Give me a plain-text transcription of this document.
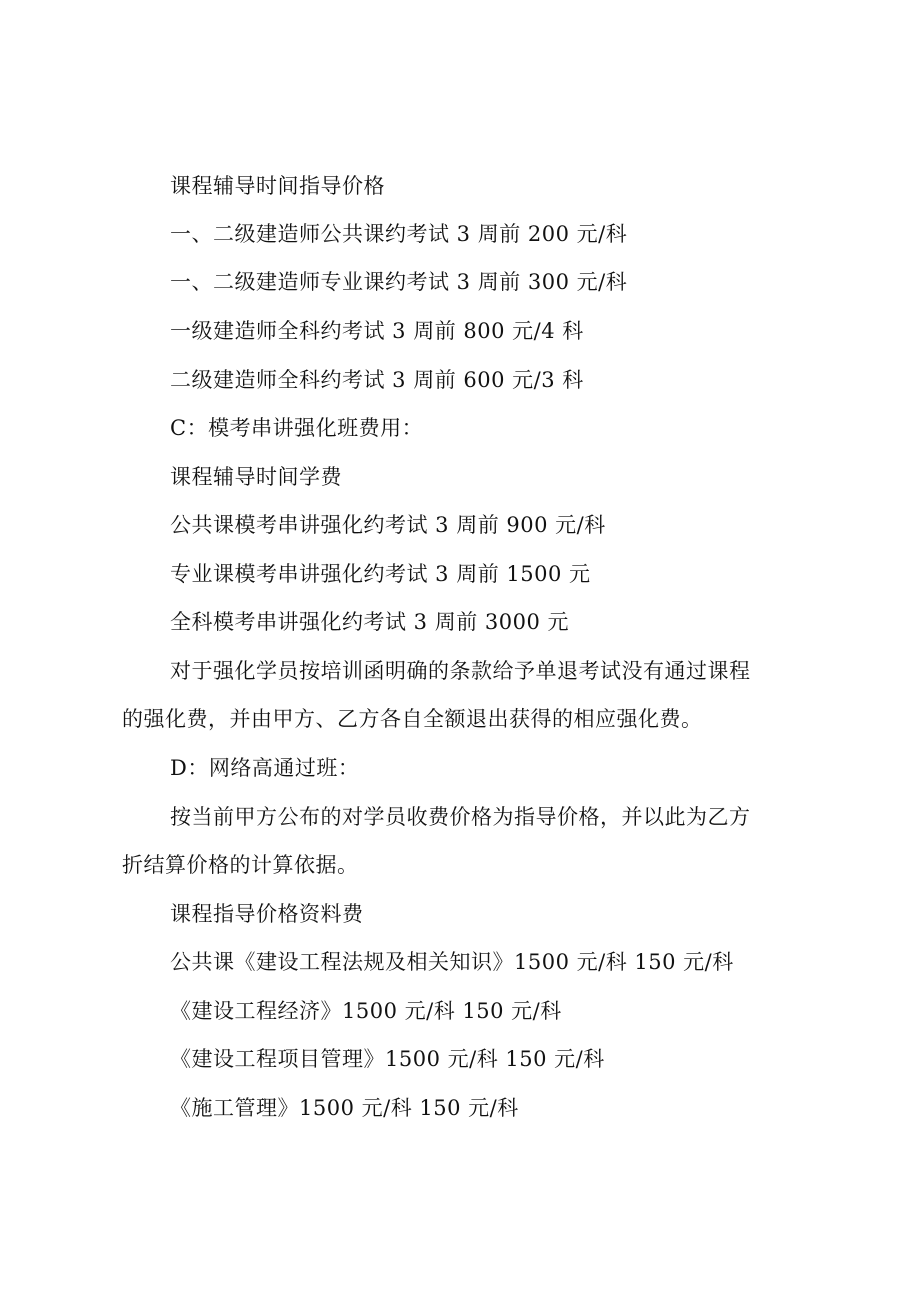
课程辅导时间指导价格
一、二级建造师公共课约考试 3 周前 200 元/科
一、二级建造师专业课约考试 3 周前 300 元/科
一级建造师全科约考试 3 周前 800 元/4 科
二级建造师全科约考试 3 周前 600 元/3 科
C：模考串讲强化班费用：
课程辅导时间学费
公共课模考串讲强化约考试 3 周前 900 元/科
专业课模考串讲强化约考试 3 周前 1500 元
全科模考串讲强化约考试 3 周前 3000 元
对于强化学员按培训函明确的条款给予单退考试没有通过课程
的强化费，并由甲方、乙方各自全额退出获得的相应强化费。
D：网络高通过班：
按当前甲方公布的对学员收费价格为指导价格，并以此为乙方
折结算价格的计算依据。
课程指导价格资料费
公共课《建设工程法规及相关知识》1500 元/科 150 元/科
《建设工程经济》1500 元/科 150 元/科
《建设工程项目管理》1500 元/科 150 元/科
《施工管理》1500 元/科 150 元/科
